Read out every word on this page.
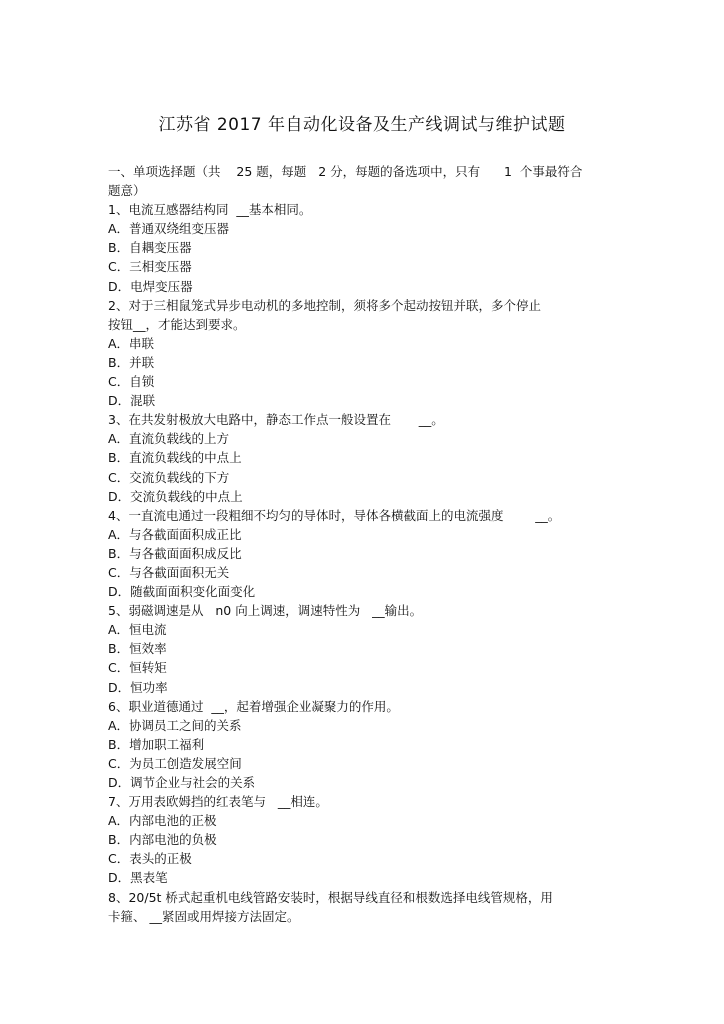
江苏省 2017 年自动化设备及生产线调试与维护试题
一、单项选择题（共    25 题，每题   2 分，每题的备选项中，只有      1  个事最符合
题意）
1、电流互感器结构同  __基本相同。
A．普通双绕组变压器
B．自耦变压器
C．三相变压器
D．电焊变压器
2、对于三相鼠笼式异步电动机的多地控制，须将多个起动按钮并联，多个停止
按钮__，才能达到要求。
A．串联
B．并联
C．自锁
D．混联
3、在共发射极放大电路中，静态工作点一般设置在       __。
A．直流负载线的上方
B．直流负载线的中点上
C．交流负载线的下方
D．交流负载线的中点上
4、一直流电通过一段粗细不均匀的导体时，导体各横截面上的电流强度        __。
A．与各截面面积成正比
B．与各截面面积成反比
C．与各截面面积无关
D．随截面面积变化面变化
5、弱磁调速是从   n0 向上调速，调速特性为   __输出。
A．恒电流
B．恒效率
C．恒转矩
D．恒功率
6、职业道德通过  __，起着增强企业凝聚力的作用。
A．协调员工之间的关系
B．增加职工福利
C．为员工创造发展空间
D．调节企业与社会的关系
7、万用表欧姆挡的红表笔与   __相连。
A．内部电池的正极
B．内部电池的负极
C．表头的正极
D．黑表笔
8、20/5t 桥式起重机电线管路安装时，根据导线直径和根数选择电线管规格，用
卡箍、 __紧固或用焊接方法固定。
